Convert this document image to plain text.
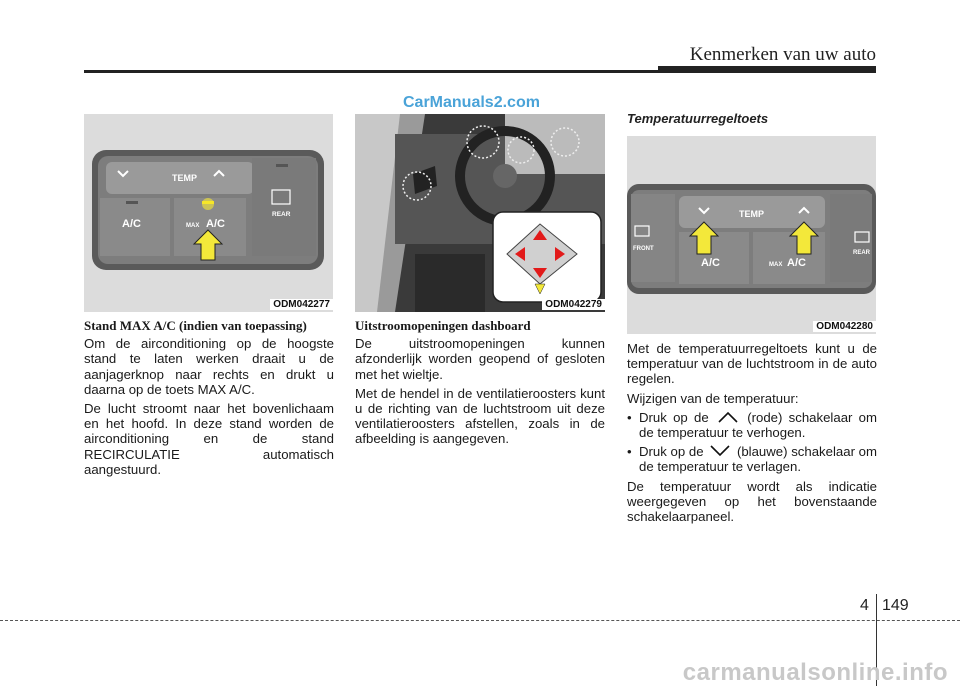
Kenmerken van uw auto
CarManuals2.com
TEMP
A/C	MAX A/C
REAR
ODM042277	ODM042279
Temperatuurregeltoets
FRONT
TEMP
A/C	MAX A/C
REAR
ODM042280
Stand MAX A/C (indien van toepassing)

Om de airconditioning op de hoogste stand te laten werken draait u de aanjagerknop naar rechts en drukt u daarna op de toets MAX A/C.

De lucht stroomt naar het bovenlichaam en het hoofd. In deze stand worden de airconditioning en de stand RECIRCULATIE automatisch aangestuurd.

Uitstroomopeningen dashboard

De uitstroomopeningen kunnen afzonderlijk worden geopend of gesloten met het wieltje.

Met de hendel in de ventilatieroosters kunt u de richting van de luchtstroom uit deze ventilatieroosters afstellen, zoals in de afbeelding is aangegeven.

Met de temperatuurregeltoets kunt u de temperatuur van de luchtstroom in de auto regelen.

Wijzigen van de temperatuur:

• Druk op de	(rode) schakelaar om de temperatuur te verhogen.
• Druk op de	(blauwe) schakelaar om de temperatuur te verlagen.

De temperatuur wordt als indicatie weergegeven op het bovenstaande schakelaarpaneel.

4 149
carmanualsonline.info
